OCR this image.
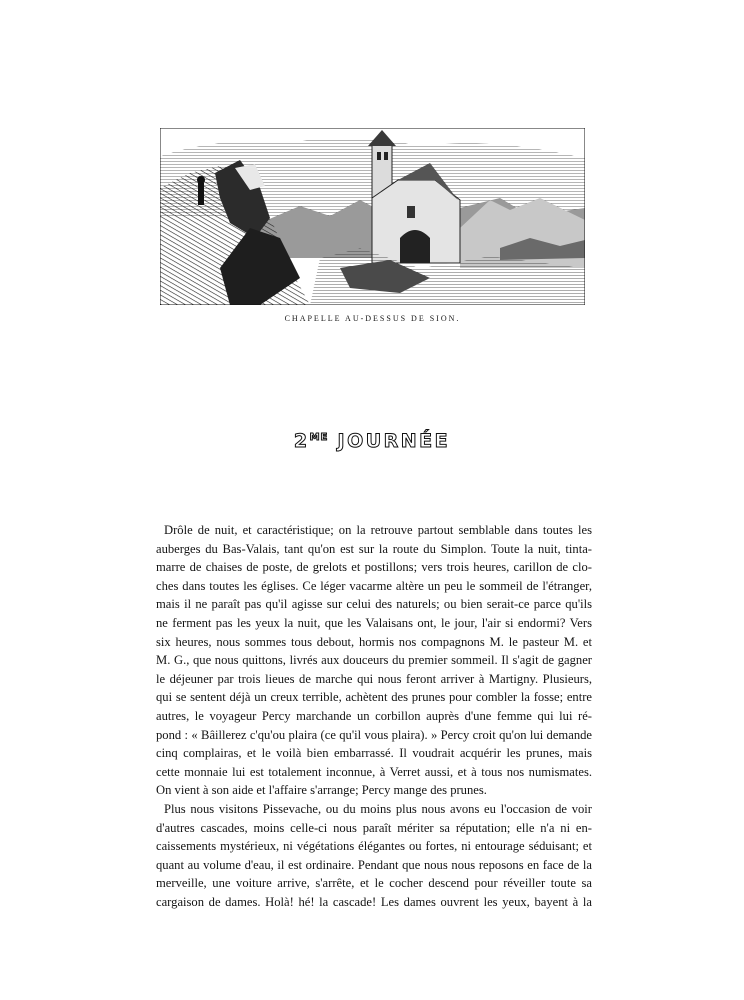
CHAPELLE AU-DESSUS DE SION.
$2^{ME}$ JOURNÉE
Drôle de nuit, et caractéristique; on la retrouve partout semblable dans toutes les
auberges du Bas-Valais, tant qu'on est sur la route du Simplon. Toute la nuit, tinta-
marre de chaises de poste, de grelots et postillons; vers trois heures, carillon de clo-
ches dans toutes les églises. Ce léger vacarme altère un peu le sommeil de l'étranger,
mais il ne paraît pas qu'il agisse sur celui des naturels; ou bien serait-ce parce qu'ils
ne ferment pas les yeux la nuit, que les Valaisans ont, le jour, l'air si endormi? Vers
six heures, nous sommes tous debout, hormis nos compagnons M. le pasteur M. et
M. G., que nous quittons, livrés aux douceurs du premier sommeil. Il s'agit de gagner
le déjeuner par trois lieues de marche qui nous feront arriver à Martigny. Plusieurs,
qui se sentent déjà un creux terrible, achètent des prunes pour combler la fosse; entre
autres, le voyageur Percy marchande un corbillon auprès d'une femme qui lui ré-
pond : « Bâillerez c'qu'ou plaira (ce qu'il vous plaira). » Percy croit qu'on lui demande
cinq complairas, et le voilà bien embarrassé. Il voudrait acquérir les prunes, mais
cette monnaie lui est totalement inconnue, à Verret aussi, et à tous nos numismates.
On vient à son aide et l'affaire s'arrange; Percy mange des prunes.
Plus nous visitons Pissevache, ou du moins plus nous avons eu l'occasion de voir
d'autres cascades, moins celle-ci nous paraît mériter sa réputation; elle n'a ni en-
caissements mystérieux, ni végétations élégantes ou fortes, ni entourage séduisant; et
quant au volume d'eau, il est ordinaire. Pendant que nous nous reposons en face de la
merveille, une voiture arrive, s'arrête, et le cocher descend pour réveiller toute sa
cargaison de dames. Holà! hé! la cascade! Les dames ouvrent les yeux, bayent à la
